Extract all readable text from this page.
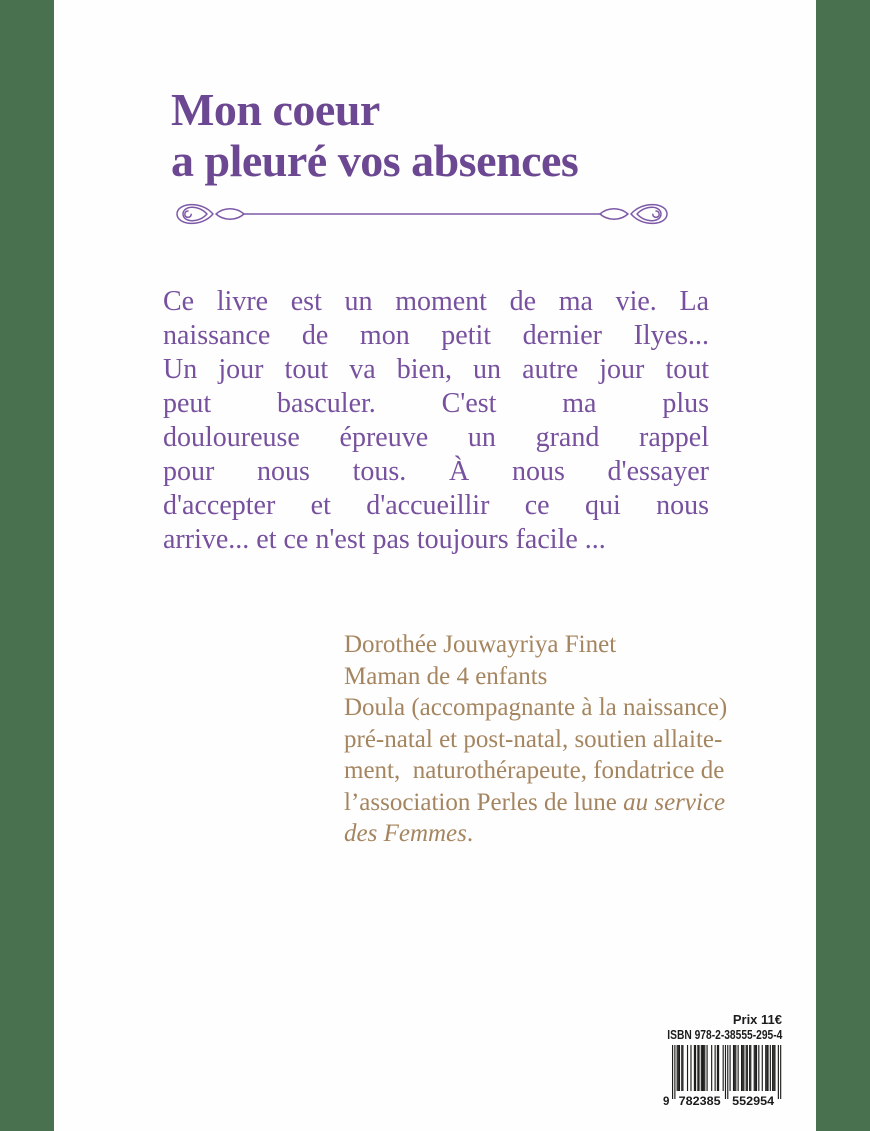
Mon coeur
a pleuré vos absences
Ce livre est un moment de ma vie. La
naissance de mon petit dernier Ilyes...
Un jour tout va bien, un autre jour tout
peut basculer. C'est ma plus
douloureuse épreuve un grand rappel
pour nous tous. À nous d'essayer
d'accepter et d'accueillir ce qui nous
arrive... et ce n'est pas toujours facile ...
Dorothée Jouwayriya Finet
Maman de 4 enfants
Doula (accompagnante à la naissance)
pré-natal et post-natal, soutien allaite-
ment,  naturothérapeute, fondatrice de
l’association Perles de lune au service
des Femmes.
Prix 11€
ISBN 978-2-38555-295-4
9 782385 552954
